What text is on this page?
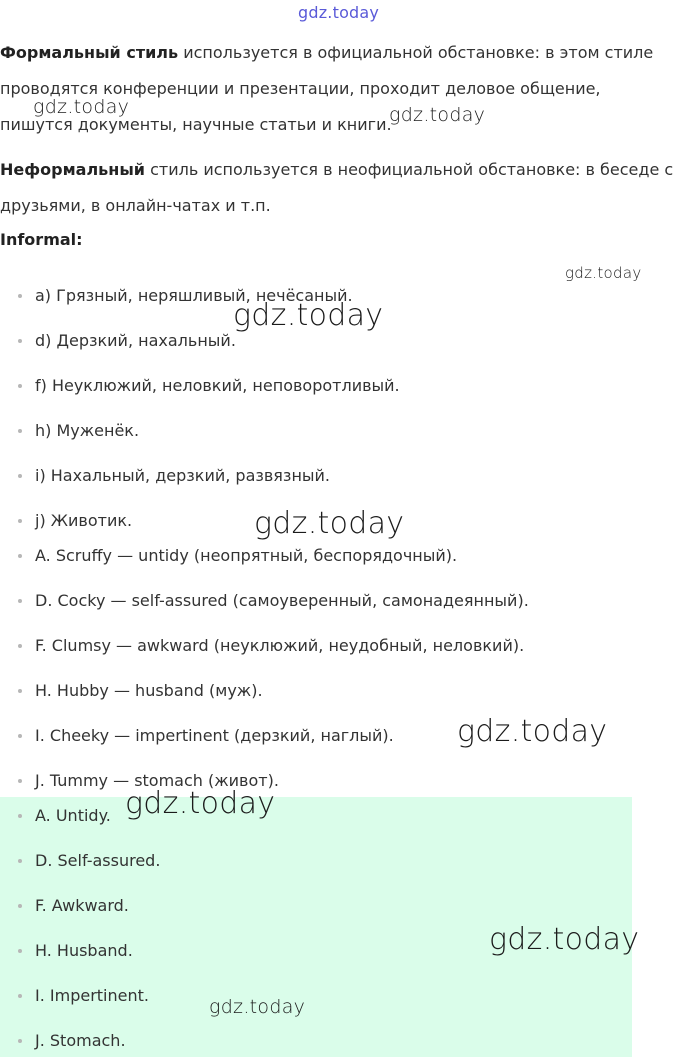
gdz.today

Формальный стиль используется в официальной обстановке: в этом стиле проводятся конференции и презентации, проходит деловое общение, пишутся документы, научные статьи и книги.

Неформальный стиль используется в неофициальной обстановке: в беседе с друзьями, в онлайн-чатах и т.п.

Informal:

a) Грязный, неряшливый, нечёсаный.
d) Дерзкий, нахальный.
f) Неуклюжий, неловкий, неповоротливый.
h) Муженёк.
i) Нахальный, дерзкий, развязный.
j) Животик.
A. Scruffy — untidy (неопрятный, беспорядочный).
D. Cocky — self-assured (самоуверенный, самонадеянный).
F. Clumsy — awkward (неуклюжий, неудобный, неловкий).
H. Hubby — husband (муж).
I. Cheeky — impertinent (дерзкий, наглый).
J. Tummy — stomach (живот).
A. Untidy.
D. Self-assured.
F. Awkward.
H. Husband.
I. Impertinent.
J. Stomach.
gdz.today	gdz.today
gdz.today
gdz.today
gdz.today
gdz.today
gdz.today
gdz.today
gdz.today
